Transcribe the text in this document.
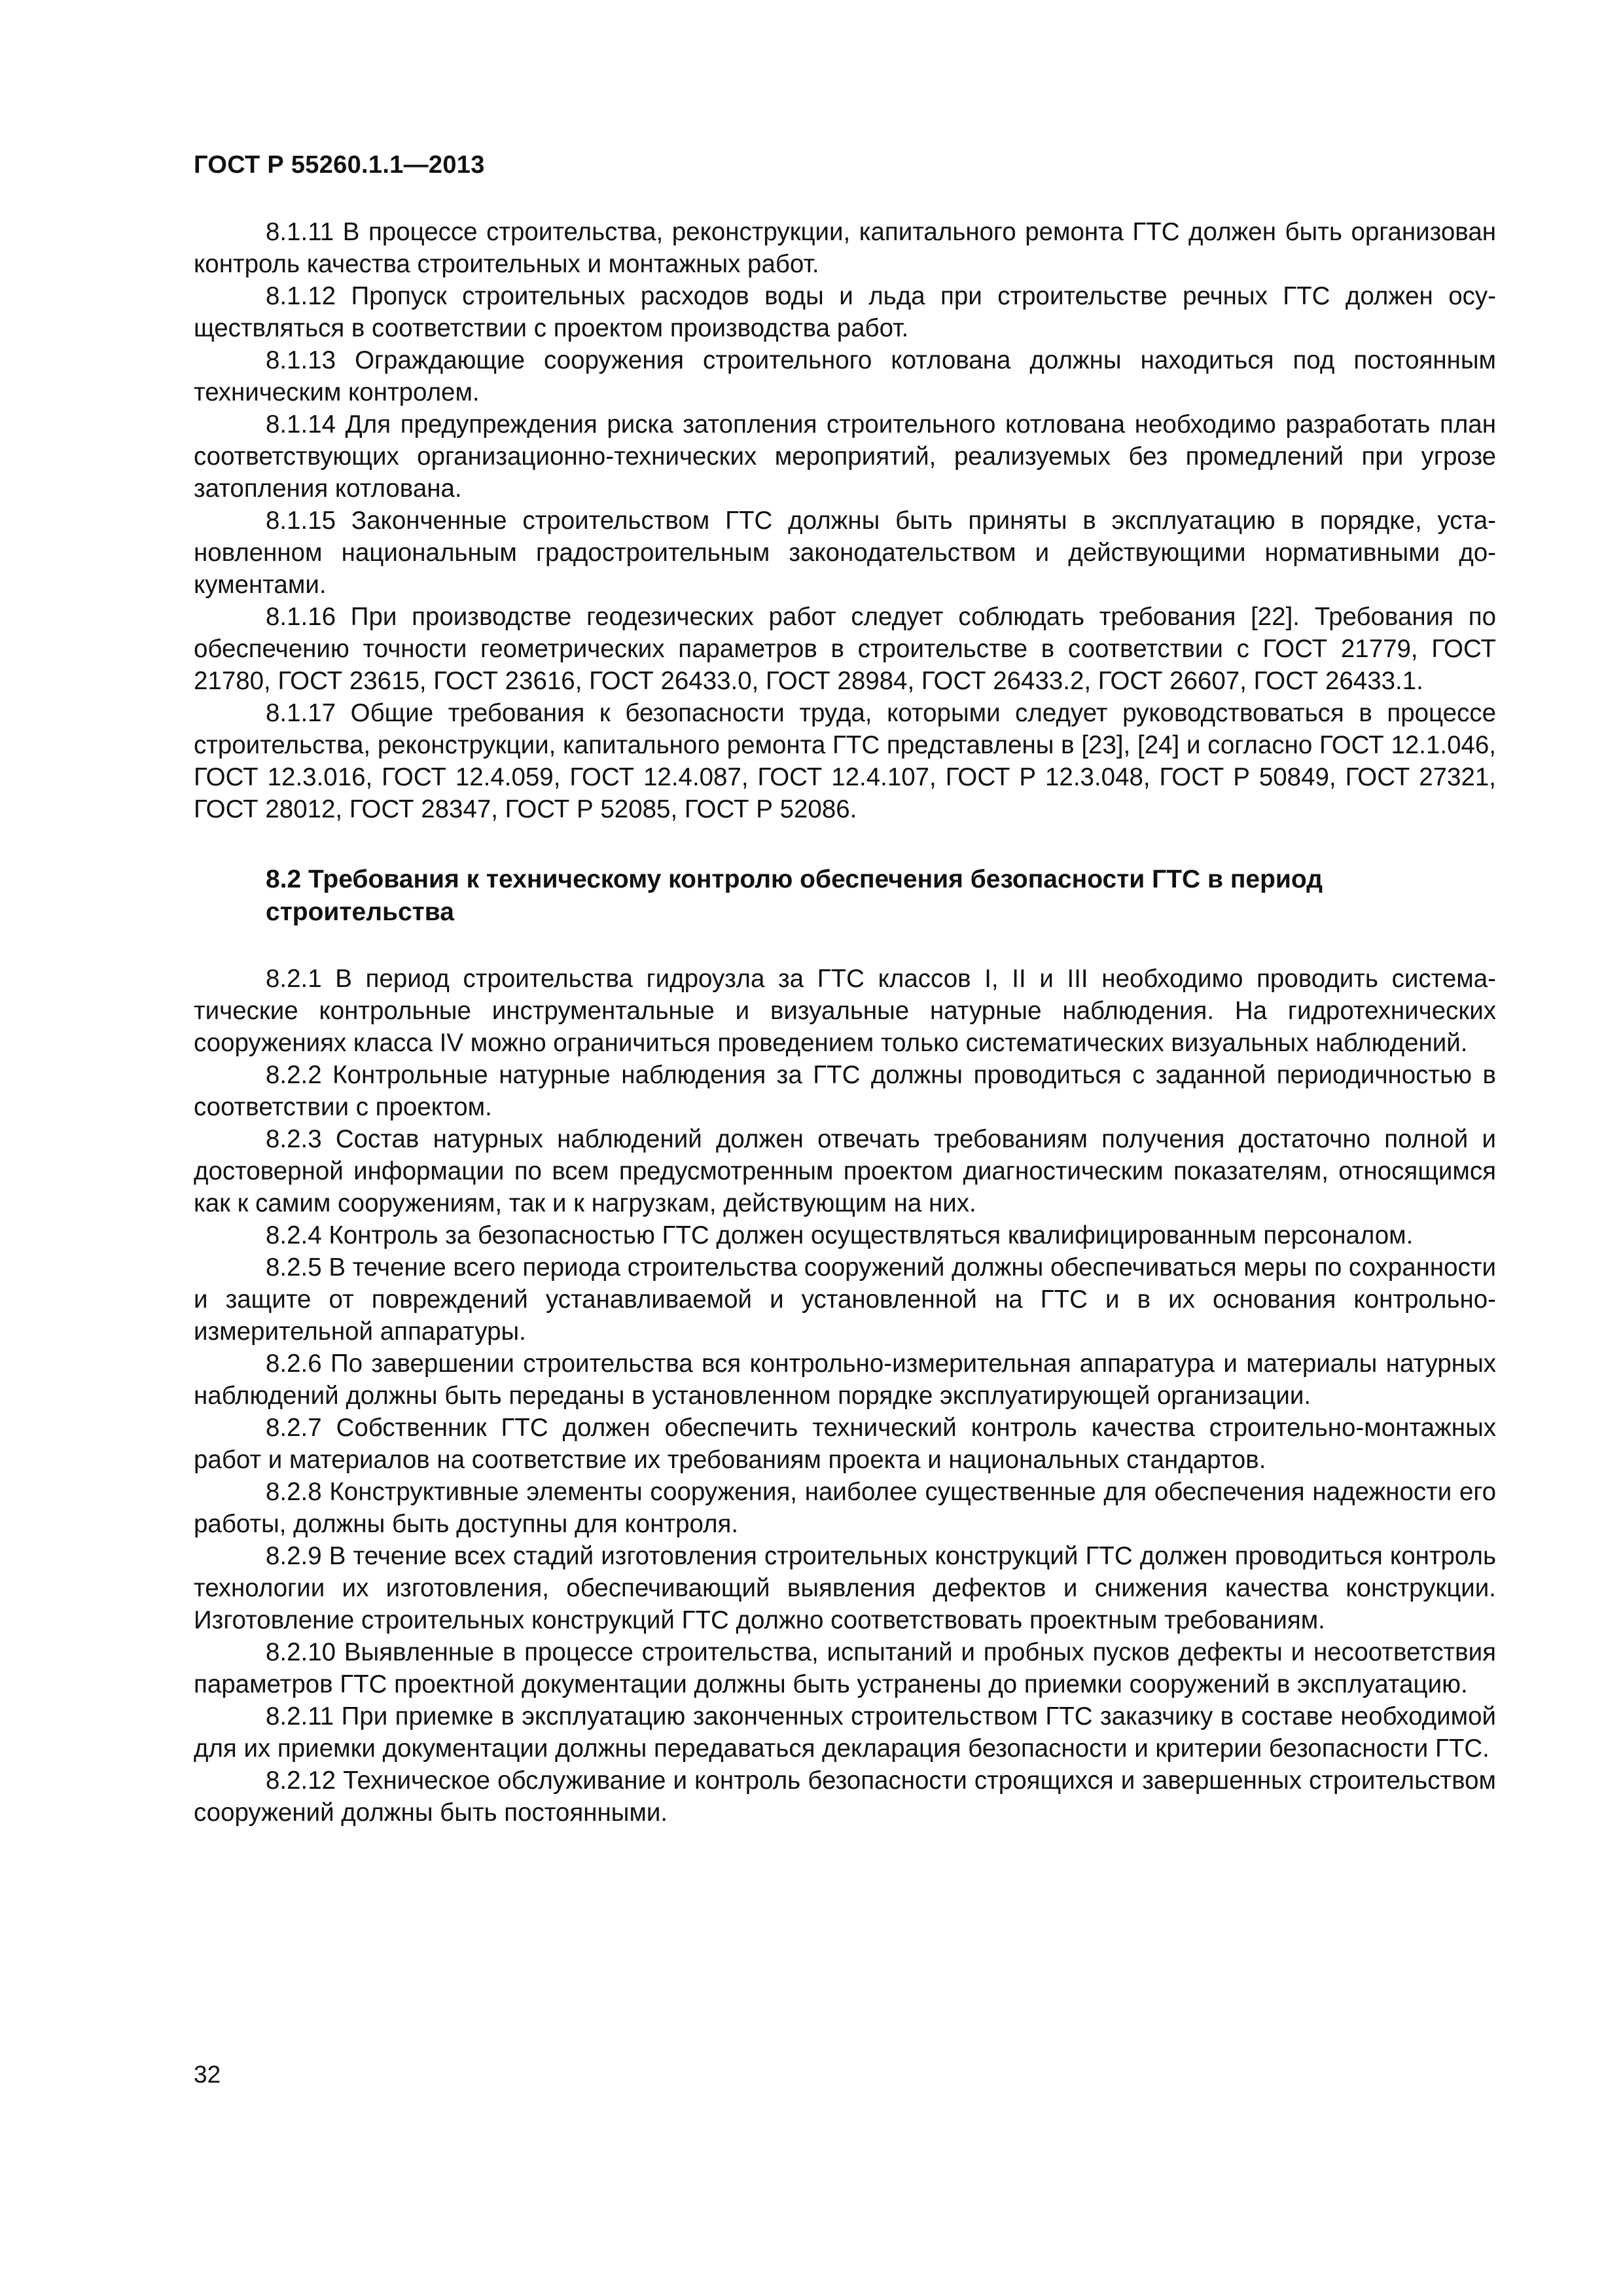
ГОСТ Р 55260.1.1—2013

8.1.11 В процессе строительства, реконструкции, капитального ремонта ГТС должен быть организован контроль качества строительных и монтажных работ.

8.1.12 Пропуск строительных расходов воды и льда при строительстве речных ГТС должен осуществляться в соответствии с проектом производства работ.

8.1.13 Ограждающие сооружения строительного котлована должны находиться под постоянным техническим контролем.

8.1.14 Для предупреждения риска затопления строительного котлована необходимо разработать план соответствующих организационно-технических мероприятий, реализуемых без промедлений при угрозе затопления котлована.

8.1.15 Законченные строительством ГТС должны быть приняты в эксплуатацию в порядке, установленном национальным градостроительным законодательством и действующими нормативными документами.

8.1.16 При производстве геодезических работ следует соблюдать требования [22]. Требования по обеспечению точности геометрических параметров в строительстве в соответствии с ГОСТ 21779, ГОСТ 21780, ГОСТ 23615, ГОСТ 23616, ГОСТ 26433.0, ГОСТ 28984, ГОСТ 26433.2, ГОСТ 26607, ГОСТ 26433.1.

8.1.17 Общие требования к безопасности труда, которыми следует руководствоваться в процессе строительства, реконструкции, капитального ремонта ГТС представлены в [23], [24] и согласно ГОСТ 12.1.046, ГОСТ 12.3.016, ГОСТ 12.4.059, ГОСТ 12.4.087, ГОСТ 12.4.107, ГОСТ Р 12.3.048, ГОСТ Р 50849, ГОСТ 27321, ГОСТ 28012, ГОСТ 28347, ГОСТ Р 52085, ГОСТ Р 52086.

8.2 Требования к техническому контролю обеспечения безопасности ГТС в период строительства

8.2.1 В период строительства гидроузла за ГТС классов I, II и III необходимо проводить систематические контрольные инструментальные и визуальные натурные наблюдения. На гидротехнических сооружениях класса IV можно ограничиться проведением только систематических визуальных наблюдений.

8.2.2 Контрольные натурные наблюдения за ГТС должны проводиться с заданной периодичностью в соответствии с проектом.

8.2.3 Состав натурных наблюдений должен отвечать требованиям получения достаточно полной и достоверной информации по всем предусмотренным проектом диагностическим показателям, относящимся как к самим сооружениям, так и к нагрузкам, действующим на них.

8.2.4 Контроль за безопасностью ГТС должен осуществляться квалифицированным персоналом.

8.2.5 В течение всего периода строительства сооружений должны обеспечиваться меры по сохранности и защите от повреждений устанавливаемой и установленной на ГТС и в их основания контрольно-измерительной аппаратуры.

8.2.6 По завершении строительства вся контрольно-измерительная аппаратура и материалы натурных наблюдений должны быть переданы в установленном порядке эксплуатирующей организации.

8.2.7 Собственник ГТС должен обеспечить технический контроль качества строительно-монтажных работ и материалов на соответствие их требованиям проекта и национальных стандартов.

8.2.8 Конструктивные элементы сооружения, наиболее существенные для обеспечения надежности его работы, должны быть доступны для контроля.

8.2.9 В течение всех стадий изготовления строительных конструкций ГТС должен проводиться контроль технологии их изготовления, обеспечивающий выявления дефектов и снижения качества конструкции. Изготовление строительных конструкций ГТС должно соответствовать проектным требованиям.

8.2.10 Выявленные в процессе строительства, испытаний и пробных пусков дефекты и несоответствия параметров ГТС проектной документации должны быть устранены до приемки сооружений в эксплуатацию.

8.2.11 При приемке в эксплуатацию законченных строительством ГТС заказчику в составе необходимой для их приемки документации должны передаваться декларация безопасности и критерии безопасности ГТС.

8.2.12 Техническое обслуживание и контроль безопасности строящихся и завершенных строительством сооружений должны быть постоянными.

32
